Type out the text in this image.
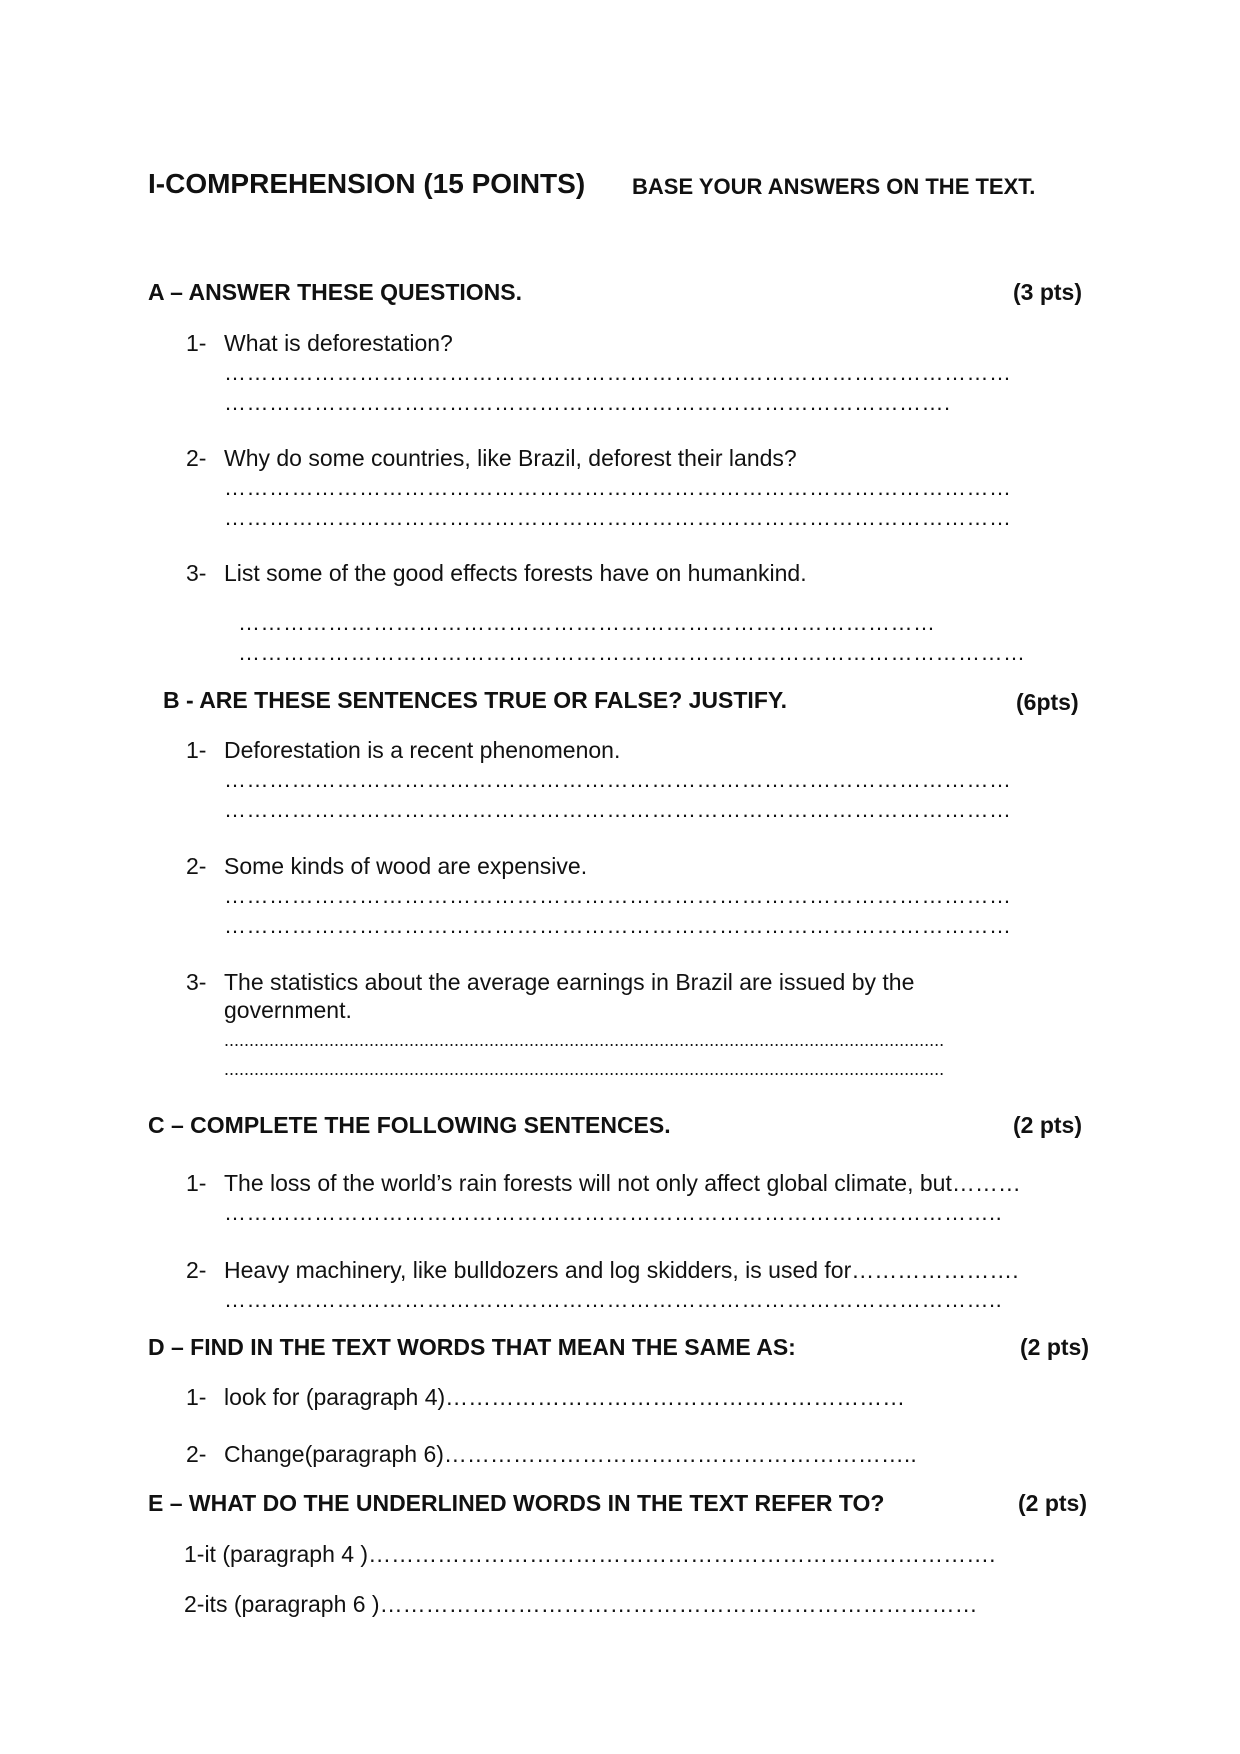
I-COMPREHENSION (15 POINTS) BASE YOUR ANSWERS ON THE TEXT.
A – ANSWER THESE QUESTIONS.	(3 pts)
1- What is deforestation?
……………………………………………………………………………………………
…………………………………………………………………………………….
2- Why do some countries, like Brazil, deforest their lands?
……………………………………………………………………………………………
……………………………………………………………………………………………
3- List some of the good effects forests have on humankind.
…………………………………………………………………………………
……………………………………………………………………………………………
B - ARE THESE SENTENCES TRUE OR FALSE? JUSTIFY.	(6pts)
1- Deforestation is a recent phenomenon.
……………………………………………………………………………………………
……………………………………………………………………………………………
2- Some kinds of wood are expensive.
……………………………………………………………………………………………
……………………………………………………………………………………………
3- The statistics about the average earnings in Brazil are issued by the
government.
................................................................................................................................................
................................................................................................................................................
C – COMPLETE THE FOLLOWING SENTENCES.	(2 pts)
1- The loss of the world’s rain forests will not only affect global climate, but………
…………………………………………………………………………………………..
2- Heavy machinery, like bulldozers and log skidders, is used for………………….
…………………………………………………………………………………………..
D – FIND IN THE TEXT WORDS THAT MEAN THE SAME AS:	(2 pts)
1- look for (paragraph 4)……………………………………………………
2- Change(paragraph 6)……………………………………………………..
E – WHAT DO THE UNDERLINED WORDS IN THE TEXT REFER TO?	(2 pts)
1-it (paragraph 4 )……………………………………………………………………….
2-its (paragraph 6 )……………………………………………………………………
